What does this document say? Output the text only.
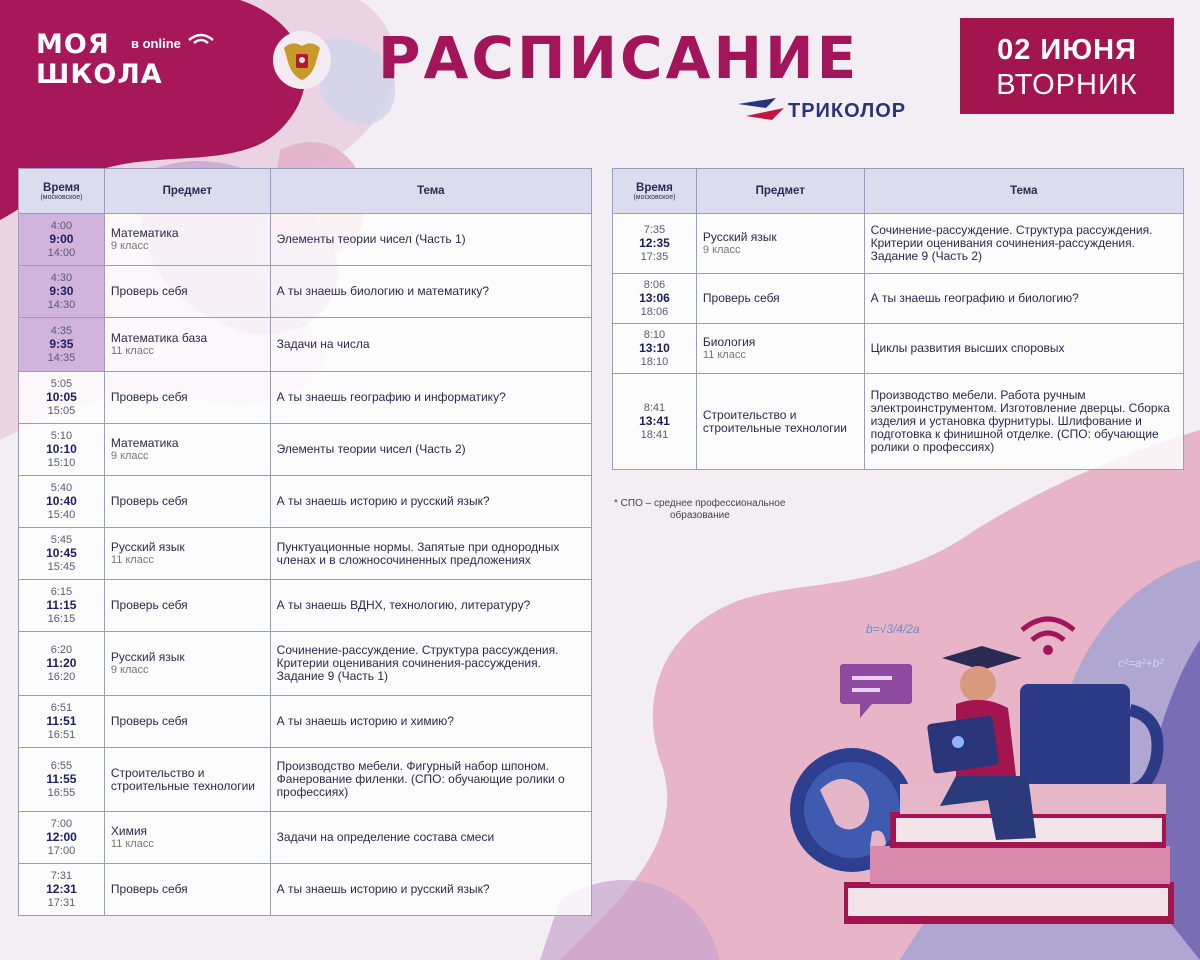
МОЯ
ШКОЛА
в online	РАСПИСАНИЕ
ТРИКОЛОР
02 ИЮНЯ
ВТОРНИК
Время
(московское)	Предмет	Тема
4:00
9:00
14:00	Математика
9 класс	Элементы теории чисел (Часть 1)
4:30
9:30
14:30	Проверь себя	А ты знаешь биологию и математику?
4:35
9:35
14:35	Математика база
11 класс	Задачи на числа
5:05
10:05
15:05	Проверь себя	А ты знаешь географию и информатику?
5:10
10:10
15:10	Математика
9 класс	Элементы теории чисел (Часть 2)
5:40
10:40
15:40	Проверь себя	А ты знаешь историю и русский язык?
5:45
10:45
15:45	Русский язык
11 класс	Пунктуационные нормы. Запятые при однородных членах и в сложносочиненных предложениях
6:15
11:15
16:15	Проверь себя	А ты знаешь ВДНХ, технологию, литературу?
6:20
11:20
16:20	Русский язык
9 класс	Сочинение-рассуждение. Структура рассуждения. Критерии оценивания сочинения-рассуждения. Задание 9 (Часть 1)
6:51
11:51
16:51	Проверь себя	А ты знаешь историю и химию?
6:55
11:55
16:55	Строительство и строительные технологии	Производство мебели. Фигурный набор шпоном. Фанерование филенки. (СПО: обучающие ролики о профессиях)
7:00
12:00
17:00	Химия
11 класс	Задачи на определение состава смеси
7:31
12:31
17:31	Проверь себя	А ты знаешь историю и русский язык?
Время
(московское)	Предмет	Тема
7:35
12:35
17:35	Русский язык
9 класс	Сочинение-рассуждение. Структура рассуждения. Критерии оценивания сочинения-рассуждения. Задание 9 (Часть 2)
8:06
13:06
18:06	Проверь себя	А ты знаешь географию и биологию?
8:10
13:10
18:10	Биология
11 класс	Циклы развития высших споровых
8:41
13:41
18:41	Строительство и строительные технологии	Производство мебели. Работа ручным электроинструментом. Изготовление дверцы. Сборка изделия и установка фурнитуры. Шлифование и подготовка к финишной отделке. (СПО: обучающие ролики о профессиях)
* СПО – среднее профессиональное
образование
b=√3/4/2a
c²=a²+b²
